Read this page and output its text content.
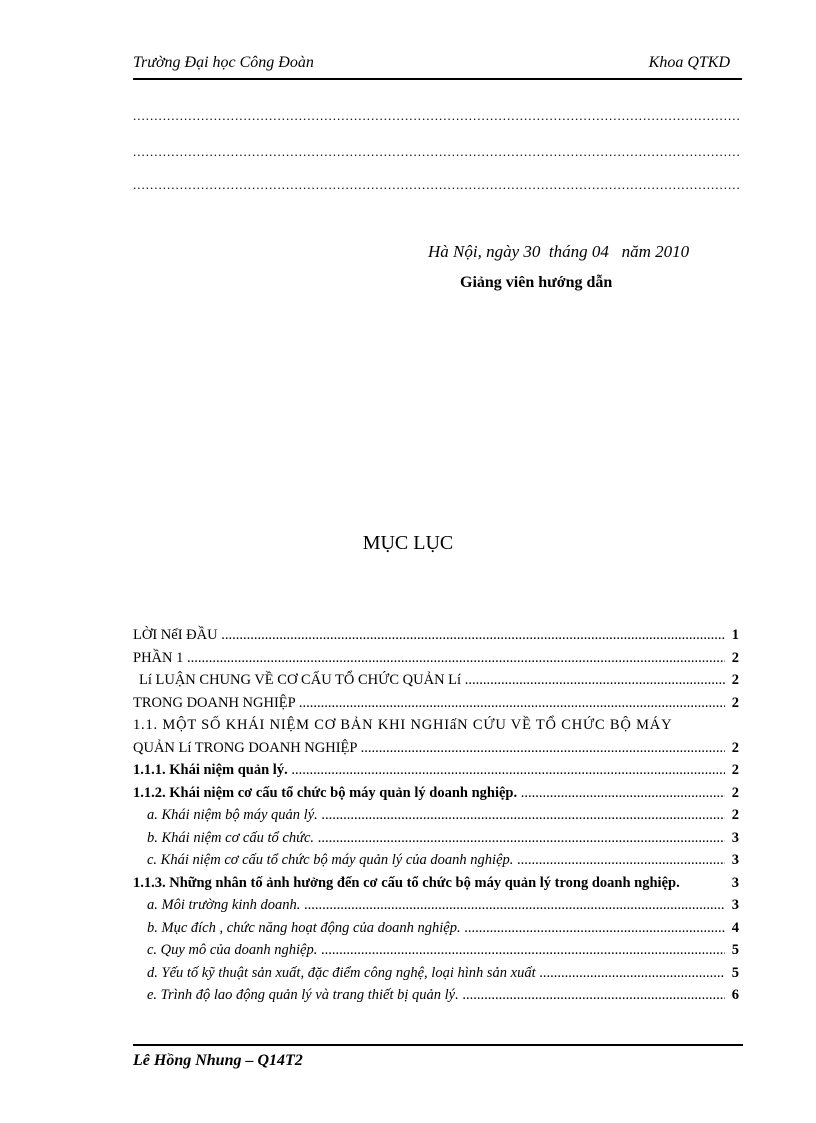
Trường Đại học Công Đoàn	Khoa QTKD
.....
.....
.....
Hà Nội, ngày 30  tháng 04   năm 2010
Giảng viên hướng dẫn
MỤC LỤC
LỜI NểI ĐẦU .....	1
PHẦN 1 .....	2
Lí LUẬN CHUNG VỀ CƠ CẤU TỔ CHỨC QUẢN Lí .....	2
TRONG DOANH NGHIỆP .....	2
1.1. MỘT SỐ KHÁI NIỆM CƠ BẢN KHI NGHIấN CỨU VỀ TỔ CHỨC BỘ MÁY
QUẢN Lí TRONG DOANH NGHIỆP .....	2
1.1.1. Khái niệm quản lý. .....	2
1.1.2. Khái niệm cơ cấu tổ chức bộ máy quản lý doanh nghiệp. .....	2
a. Khái niệm bộ máy quản lý. .....	2
b. Khái niệm cơ cấu tổ chức. .....	3
c. Khái niệm cơ cấu tổ chức bộ máy quản lý của doanh nghiệp. .....	3
1.1.3. Những nhân tố ảnh hưởng đến cơ cấu tổ chức bộ máy quản lý trong doanh nghiệp.	3
a. Môi trường kinh doanh. .....	3
b. Mục đích , chức năng hoạt động của doanh nghiệp. .....	4
c. Quy mô của doanh nghiệp. .....	5
d. Yếu tố kỹ thuật sản xuất, đặc điểm công nghệ, loại hình sản xuất .....	5
e. Trình độ lao động quản lý và trang thiết bị quản lý. .....	6
Lê Hồng Nhung – Q14T2
